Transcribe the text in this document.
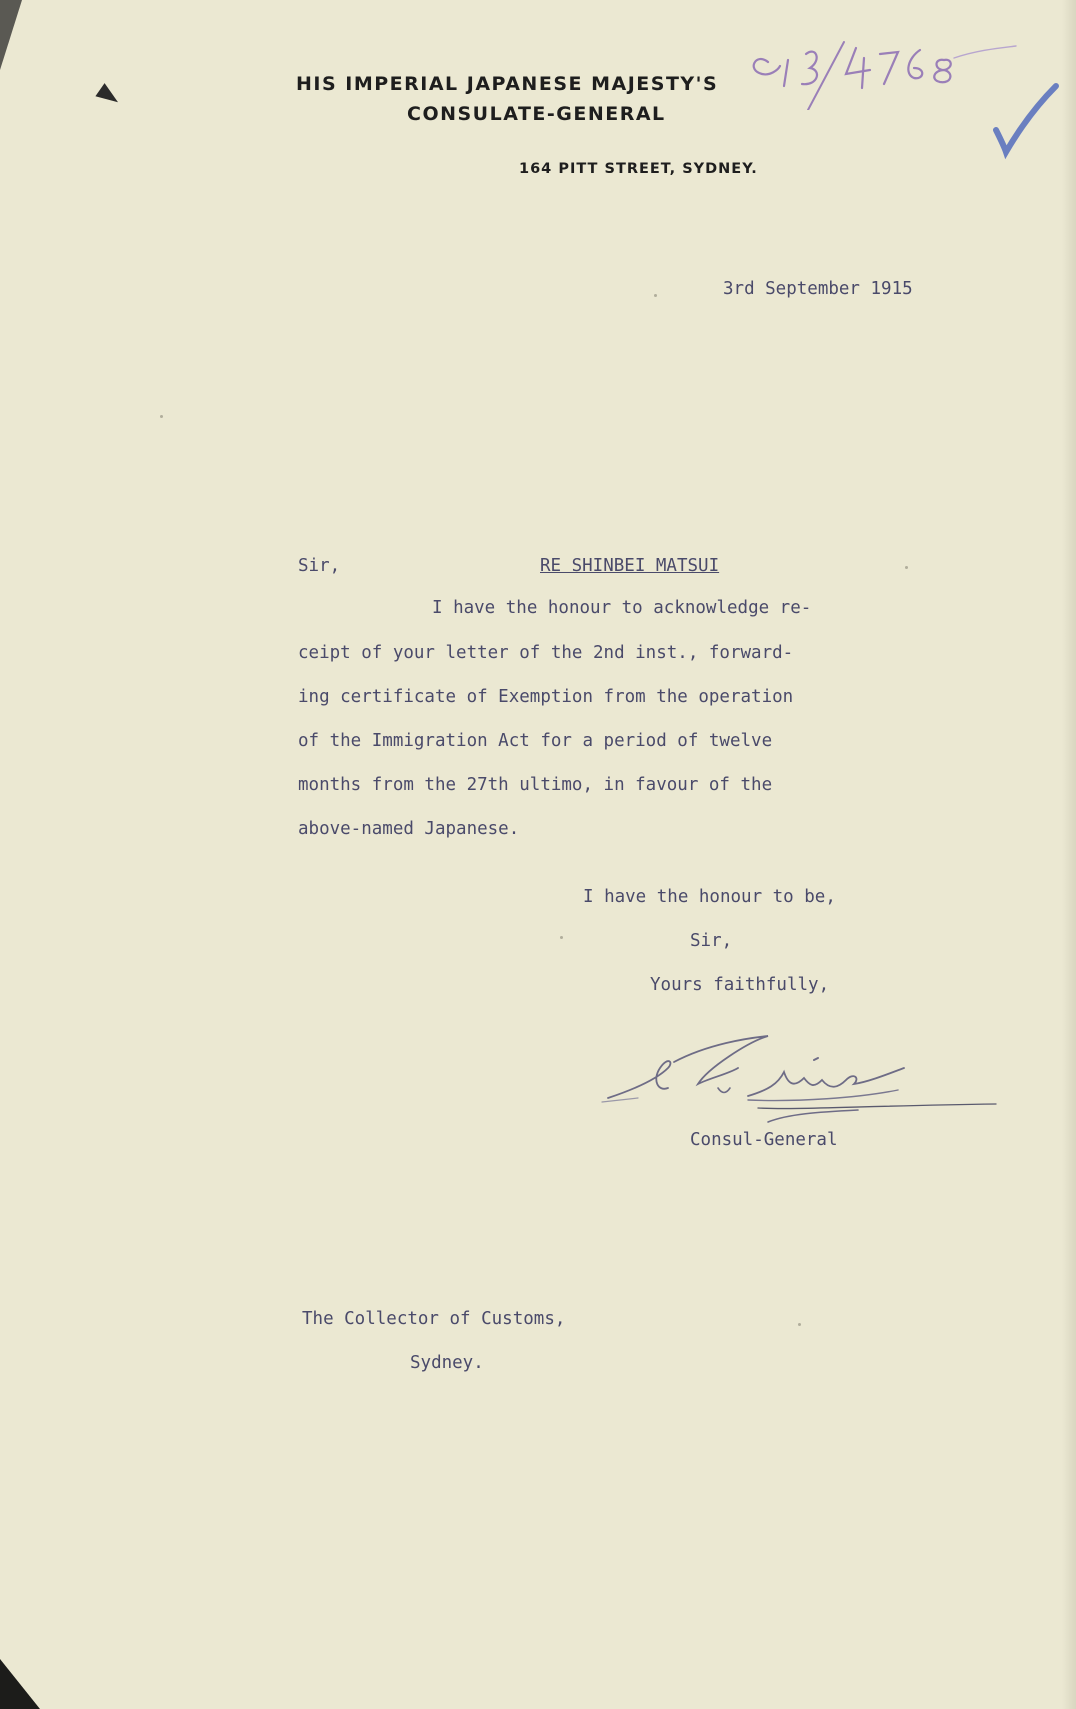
HIS IMPERIAL JAPANESE MAJESTY'S
CONSULATE-GENERAL
164 PITT STREET, SYDNEY.
3rd September 1915
Sir,	RE SHINBEI MATSUI
I have the honour to acknowledge re-
ceipt of your letter of the 2nd inst., forward-
ing certificate of Exemption from the operation
of the Immigration Act for a period of twelve
months from the 27th ultimo, in favour of the
above-named Japanese.
I have the honour to be,
Sir,
Yours faithfully,
Consul-General
The Collector of Customs,
Sydney.
